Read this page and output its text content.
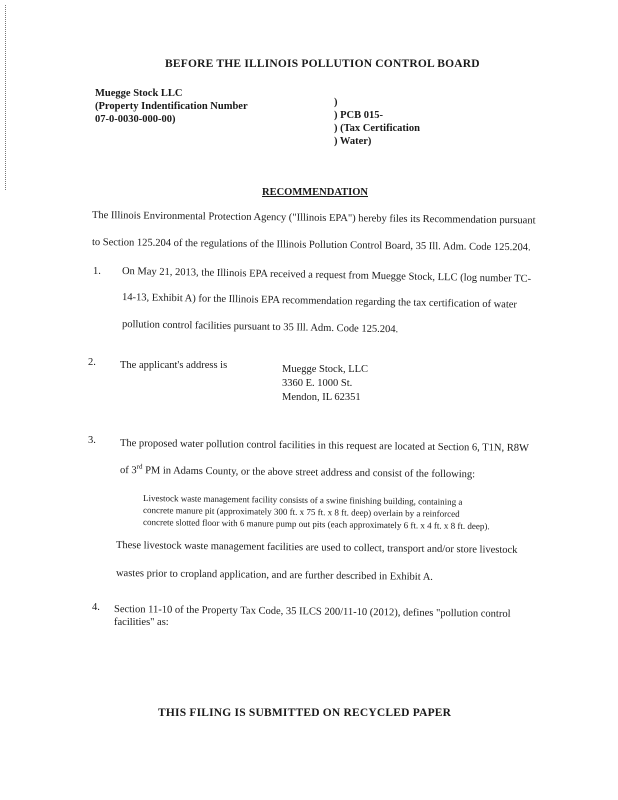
BEFORE THE ILLINOIS POLLUTION CONTROL BOARD
Muegge Stock LLC
(Property Indentification Number
07-0-0030-000-00)
)
) PCB 015-
) (Tax Certification
) Water)
RECOMMENDATION
The Illinois Environmental Protection Agency ("Illinois EPA") hereby files its Recommendation pursuant
to Section 125.204 of the regulations of the Illinois Pollution Control Board, 35 Ill. Adm. Code 125.204.
1. On May 21, 2013, the Illinois EPA received a request from Muegge Stock, LLC (log number TC-
14-13, Exhibit A) for the Illinois EPA recommendation regarding the tax certification of water
pollution control facilities pursuant to 35 Ill. Adm. Code 125.204.
2. The applicant's address is	Muegge Stock, LLC
3360 E. 1000 St.
Mendon, IL 62351
3. The proposed water pollution control facilities in this request are located at Section 6, T1N, R8W
of 3rd PM in Adams County, or the above street address and consist of the following:
Livestock waste management facility consists of a swine finishing building, containing a
concrete manure pit (approximately 300 ft. x 75 ft. x 8 ft. deep) overlain by a reinforced
concrete slotted floor with 6 manure pump out pits (each approximately 6 ft. x 4 ft. x 8 ft. deep).
These livestock waste management facilities are used to collect, transport and/or store livestock
wastes prior to cropland application, and are further described in Exhibit A.
4. Section 11-10 of the Property Tax Code, 35 ILCS 200/11-10 (2012), defines "pollution control
facilities" as:
THIS FILING IS SUBMITTED ON RECYCLED PAPER
